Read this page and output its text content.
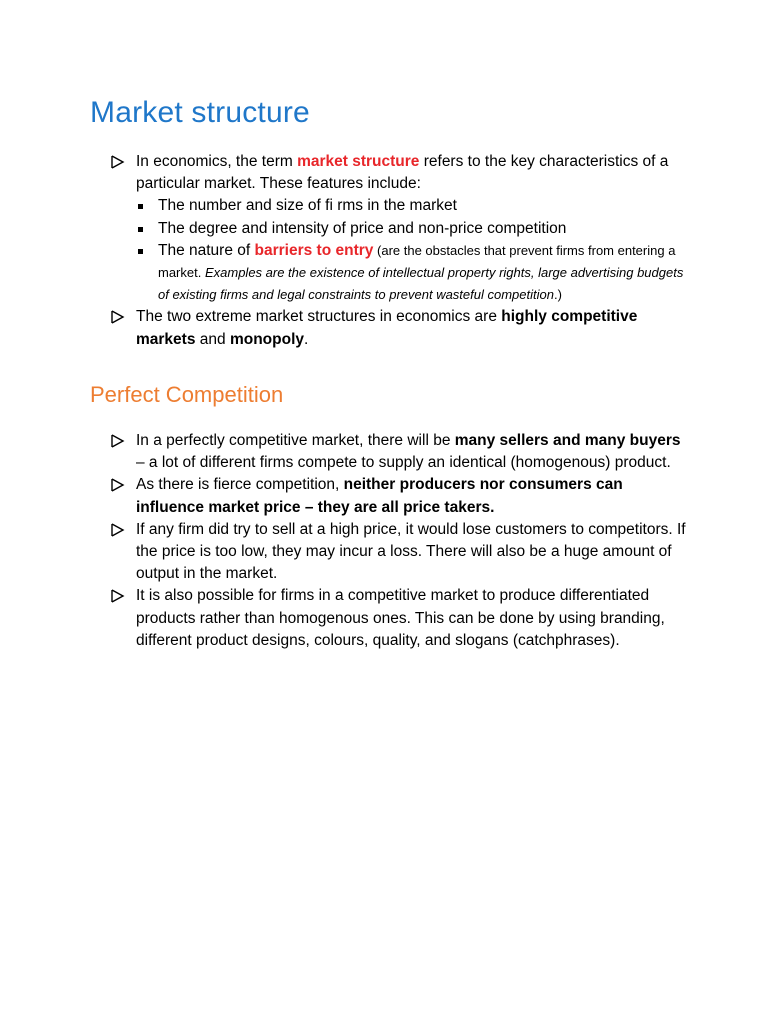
Market structure
In economics, the term market structure refers to the key characteristics of a particular market. These features include:
The number and size of fi rms in the market
The degree and intensity of price and non-price competition
The nature of barriers to entry (are the obstacles that prevent firms from entering a market. Examples are the existence of intellectual property rights, large advertising budgets of existing firms and legal constraints to prevent wasteful competition.)
The two extreme market structures in economics are highly competitive markets and monopoly.
Perfect Competition
In a perfectly competitive market, there will be many sellers and many buyers – a lot of different firms compete to supply an identical (homogenous) product.
As there is fierce competition, neither producers nor consumers can influence market price – they are all price takers.
If any firm did try to sell at a high price, it would lose customers to competitors. If the price is too low, they may incur a loss. There will also be a huge amount of output in the market.
It is also possible for firms in a competitive market to produce differentiated products rather than homogenous ones. This can be done by using branding, different product designs, colours, quality, and slogans (catchphrases).
